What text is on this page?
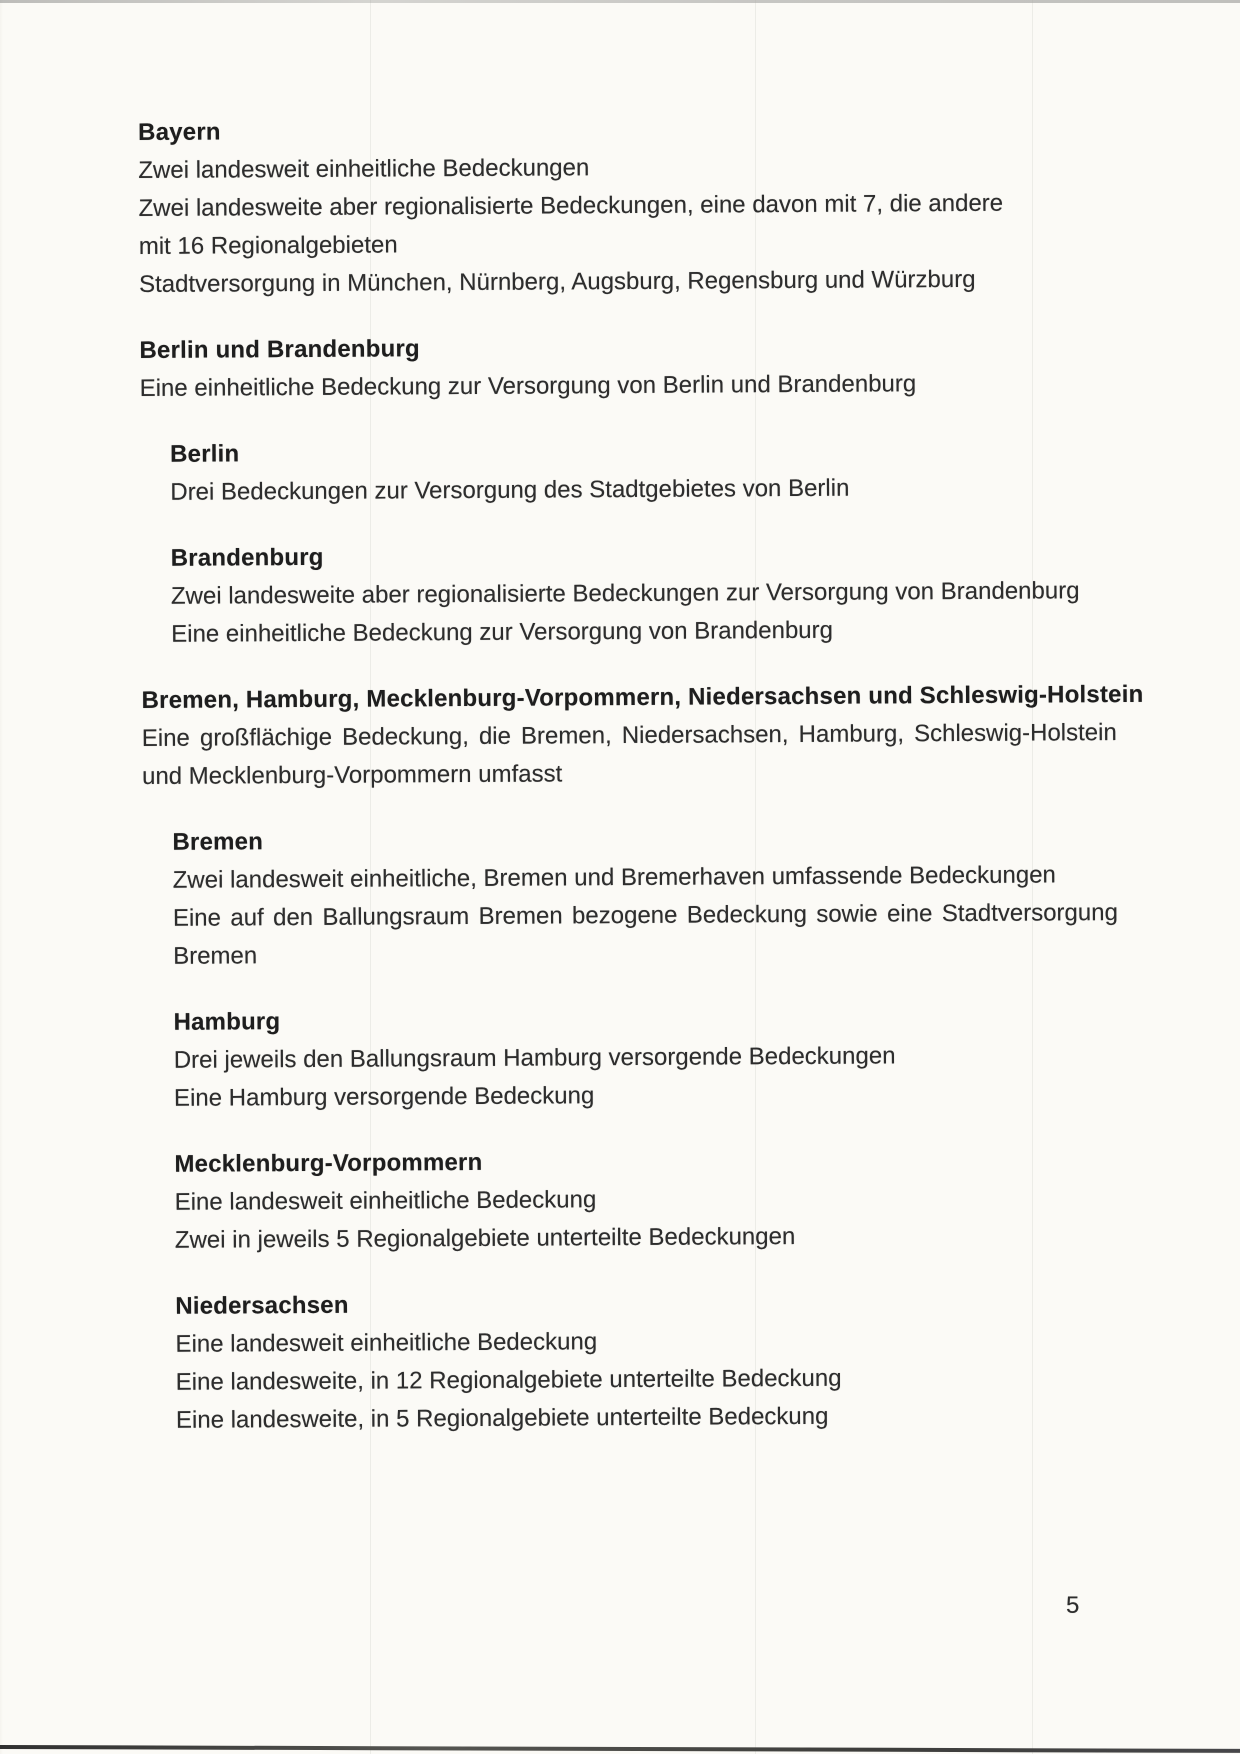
Bayern
Zwei landesweit einheitliche Bedeckungen
Zwei landesweite aber regionalisierte Bedeckungen, eine davon mit 7, die andere
mit 16 Regionalgebieten
Stadtversorgung in München, Nürnberg, Augsburg, Regensburg und Würzburg
Berlin und Brandenburg
Eine einheitliche Bedeckung zur Versorgung von Berlin und Brandenburg
Berlin
Drei Bedeckungen zur Versorgung des Stadtgebietes von Berlin
Brandenburg
Zwei landesweite aber regionalisierte Bedeckungen zur Versorgung von Brandenburg
Eine einheitliche Bedeckung zur Versorgung von Brandenburg
Bremen, Hamburg, Mecklenburg-Vorpommern, Niedersachsen und Schleswig-Holstein
Eine großflächige Bedeckung, die Bremen, Niedersachsen, Hamburg, Schleswig-Holstein
und Mecklenburg-Vorpommern umfasst
Bremen
Zwei landesweit einheitliche, Bremen und Bremerhaven umfassende Bedeckungen
Eine auf den Ballungsraum Bremen bezogene Bedeckung sowie eine Stadtversorgung
Bremen
Hamburg
Drei jeweils den Ballungsraum Hamburg versorgende Bedeckungen
Eine Hamburg versorgende Bedeckung
Mecklenburg-Vorpommern
Eine landesweit einheitliche Bedeckung
Zwei in jeweils 5 Regionalgebiete unterteilte Bedeckungen
Niedersachsen
Eine landesweit einheitliche Bedeckung
Eine landesweite, in 12 Regionalgebiete unterteilte Bedeckung
Eine landesweite, in 5 Regionalgebiete unterteilte Bedeckung
5
